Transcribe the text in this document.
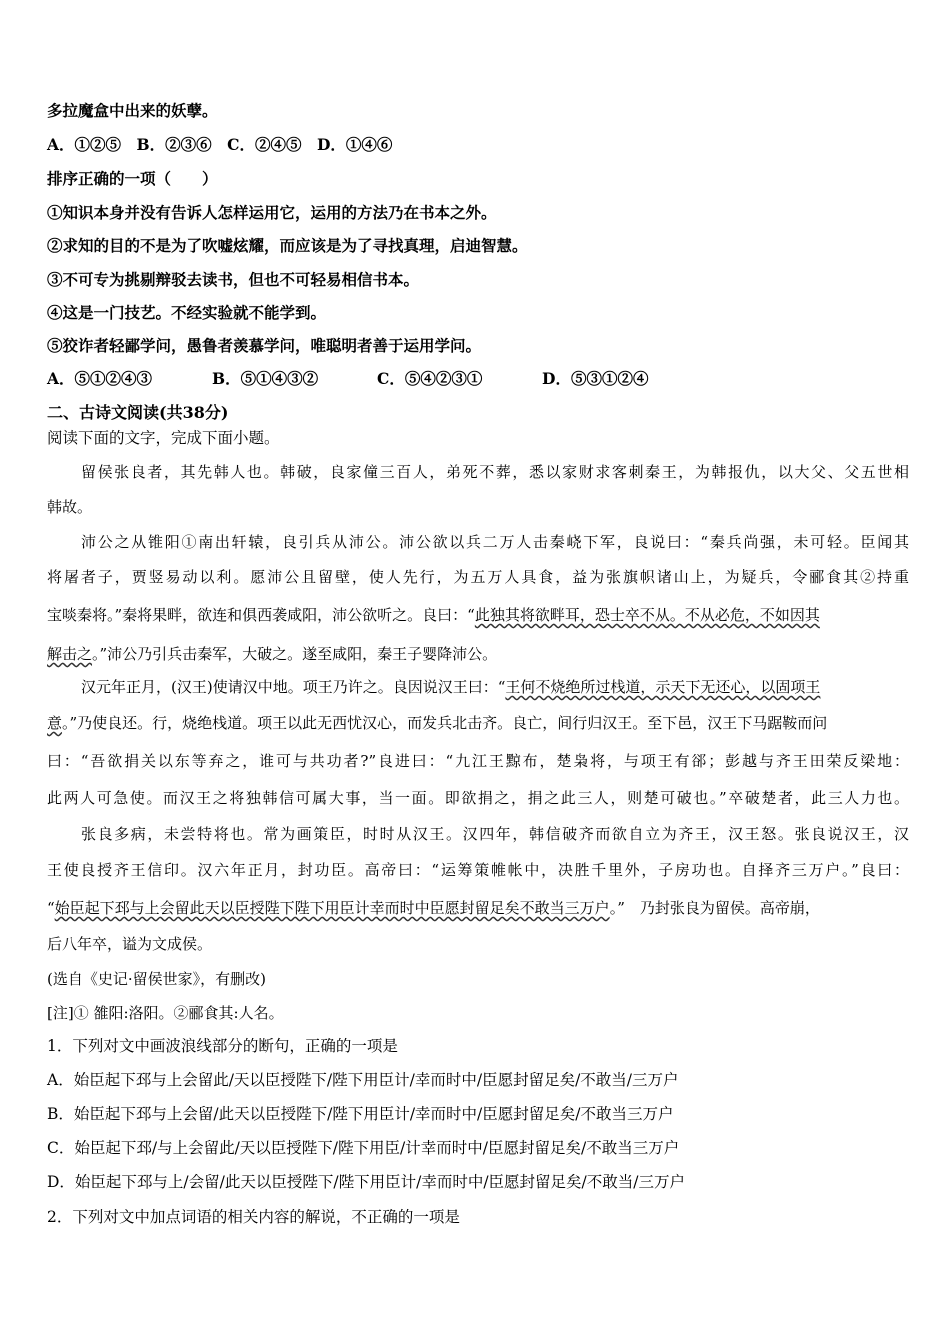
多拉魔盒中出来的妖孽。
A．①②⑤　B．②③⑥　C．②④⑤　D．①④⑥
排序正确的一项（　　）
①知识本身并没有告诉人怎样运用它，运用的方法乃在书本之外。
②求知的目的不是为了吹嘘炫耀，而应该是为了寻找真理，启迪智慧。
③不可专为挑剔辩驳去读书，但也不可轻易相信书本。
④这是一门技艺。不经实验就不能学到。
⑤狡诈者轻鄙学问，愚鲁者羡慕学问，唯聪明者善于运用学问。
A．⑤①②④③	B．⑤①④③②	C．⑤④②③①	D．⑤③①②④
二、古诗文阅读(共38分)
阅读下面的文字，完成下面小题。
留侯张良者，其先韩人也。韩破，良家僮三百人，弟死不葬，悉以家财求客刺秦王，为韩报仇，以大父、父五世相
韩故。
沛公之从锥阳①南出轩辕，良引兵从沛公。沛公欲以兵二万人击秦峣下军，良说曰：“秦兵尚强，未可轻。臣闻其
将屠者子，贾竖易动以利。愿沛公且留壁，使人先行，为五万人具食，益为张旗帜诸山上，为疑兵，令郦食其②持重
宝啖秦将。”秦将果畔，欲连和俱西袭咸阳，沛公欲听之。良曰：“此独其将欲畔耳，恐士卒不从。不从必危，不如因其
解击之。”沛公乃引兵击秦军，大破之。遂至咸阳，秦王子婴降沛公。
汉元年正月，(汉王)使请汉中地。项王乃许之。良因说汉王曰：“王何不烧绝所过栈道，示天下无还心，以固项王
意。”乃使良还。行，烧绝栈道。项王以此无西忧汉心，而发兵北击齐。良亡，间行归汉王。至下邑，汉王下马踞鞍而问
曰：“吾欲捐关以东等弃之，谁可与共功者?”良进曰：“九江王黥布，楚枭将，与项王有郤；彭越与齐王田荣反梁地：
此两人可急使。而汉王之将独韩信可属大事，当一面。即欲捐之，捐之此三人，则楚可破也。”卒破楚者，此三人力也。
张良多病，未尝特将也。常为画策臣，时时从汉王。汉四年，韩信破齐而欲自立为齐王，汉王怒。张良说汉王，汉
王使良授齐王信印。汉六年正月，封功臣。高帝曰：“运筹策帷帐中，决胜千里外，子房功也。自择齐三万户。”良曰：
“始臣起下邳与上会留此天以臣授陛下陛下用臣计幸而时中臣愿封留足矣不敢当三万户。”　乃封张良为留侯。高帝崩，
后八年卒，谥为文成侯。
(选自《史记·留侯世家》，有删改)
[注]① 雒阳:洛阳。②郦食其:人名。
1．下列对文中画波浪线部分的断句，正确的一项是
A．始臣起下邳与上会留此/天以臣授陛下/陛下用臣计/幸而时中/臣愿封留足矣/不敢当/三万户
B．始臣起下邳与上会留/此天以臣授陛下/陛下用臣计/幸而时中/臣愿封留足矣/不敢当三万户
C．始臣起下邳/与上会留此/天以臣授陛下/陛下用臣/计幸而时中/臣愿封留足矣/不敢当三万户
D．始臣起下邳与上/会留/此天以臣授陛下/陛下用臣计/幸而时中/臣愿封留足矣/不敢当/三万户
2．下列对文中加点词语的相关内容的解说，不正确的一项是
